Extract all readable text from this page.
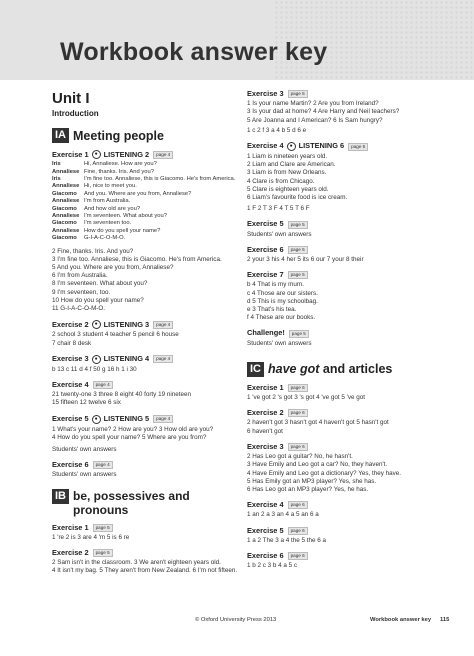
Workbook answer key
Unit I
Introduction
IA Meeting people
Exercise 1	● LISTENING 2	page 4

Iris	Hi, Annaliese. How are you?

Annaliese Fine, thanks. Iris. And you?

Iris	I'm fine too. Annaliese, this is Giacomo. He's from America.

Annaliese Hi, nice to meet you.

Giacomo And you. Where are you from, Annaliese?

Annaliese I'm from Australia.

Giacomo And how old are you?

Annaliese I'm seventeen. What about you?

Giacomo I'm seventeen too.

Annaliese How do you spell your name?

Giacomo G-I-A-C-O-M-O.

2 Fine, thanks. Iris. And you?

3 I'm fine too. Annaliese, this is Giacomo. He's from America.

5 And you. Where are you from, Annaliese?

6 I'm from Australia.

8 I'm seventeen. What about you?

9 I'm seventeen, too.

10 How do you spell your name?

11 G-I-A-C-O-M-O.

Exercise 2	● LISTENING 3	page 4

2 school 3 student 4 teacher 5 pencil 6 house

7 chair 8 desk

Exercise 3	● LISTENING 4	page 4

b 13 c 11 d 4 f 50 g 16 h 1 i 30

Exercise 4	page 4

21 twenty-one 3 three 8 eight 40 forty 19 nineteen

15 fifteen 12 twelve 6 six

Exercise 5	● LISTENING 5	page 4

1 What's your name? 2 How are you? 3 How old are you?

4 How do you spell your name? 5 Where are you from?

Students' own answers

Exercise 6	page 4

Students' own answers

IB be, possessives and pronouns
Exercise 1	page 5

1 're 2 is 3 are 4 'm 5 is 6 re

Exercise 2	page 5

2 Sam isn't in the classroom. 3 We aren't eighteen years old.

4 It isn't my bag. 5 They aren't from New Zealand. 6 I'm not fifteen.

Exercise 3	page 5

1 Is your name Martin? 2 Are you from Ireland?

3 Is your dad at home? 4 Are Harry and Neil teachers?

5 Are Joanna and I American? 6 Is Sam hungry?

1 c 2 f 3 a 4 b 5 d 6 e

Exercise 4	● LISTENING 6	page 5

1 Liam is nineteen years old.

2 Liam and Clare are American.

3 Liam is from New Orleans.

4 Clare is from Chicago.

5 Clare is eighteen years old.

6 Liam's favourite food is ice cream.

1 F 2 T 3 F 4 T 5 T 6 F

Exercise 5	page 5

Students' own answers

Exercise 6	page 5

2 your 3 his 4 her 5 its 6 our 7 your 8 their

Exercise 7	page 5

b 4 That is my mum.

c 4 Those are our sisters.

d 5 This is my schoolbag.

e 3 That's his tea.

f 4 These are our books.

Challenge!	page 5

Students' own answers

IC have got and articles
Exercise 1	page 6

1 've got 2 's got 3 's got 4 've got 5 've got

Exercise 2	page 6

2 haven't got 3 hasn't got 4 haven't got 5 hasn't got

6 haven't got

Exercise 3	page 6

2 Has Leo got a guitar? No, he hasn't.

3 Have Emily and Leo got a car? No, they haven't.

4 Have Emily and Leo got a dictionary? Yes, they have.

5 Has Emily got an MP3 player? Yes, she has.

6 Has Leo got an MP3 player? Yes, he has.

Exercise 4	page 6

1 an 2 a 3 an 4 a 5 an 6 a

Exercise 5	page 6

1 a 2 The 3 a 4 the 5 the 6 a

Exercise 6	page 6

1 b 2 c 3 b 4 a 5 c

© Oxford University Press 2013	Workbook answer key 115
